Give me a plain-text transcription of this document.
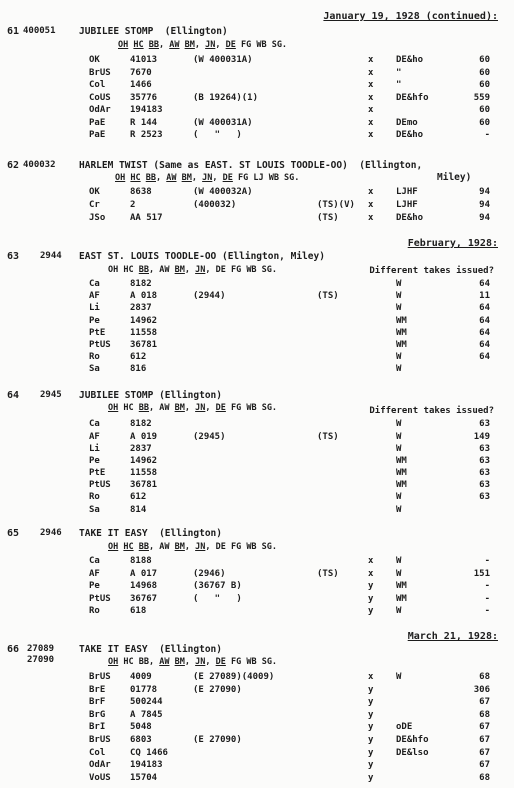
January 19, 1928 (continued):
61 400051 JUBILEE STOMP  (Ellington)
OH HC BB, AW BM, JN, DE FG WB SG.
OK	41013	(W 400031A)	x	DE&ho	60
BrUS 7670	x	"	60
Col	1466	x	"	60
CoUS 35776	(B 19264)(1)	x	DE&hfo	559
OdAr 194183	x	60
PaE	R 144	(W 400031A)	x	DEmo	60
PaE	R 2523	(   "   )	x	DE&ho	-
62 400032 HARLEM TWIST (Same as EAST. ST LOUIS TOODLE-OO)  (Ellington,
Miley)
OH HC BB, AW BM, JN, DE FG LJ WB SG.
OK	8638	(W 400032A)	x	LJHF	94
Cr	2	(400032)	(TS)(V) x	LJHF	94
JSo	AA 517	(TS)	x	DE&ho	94
February, 1928:
63 2944 EAST ST. LOUIS TOODLE-OO (Ellington, Miley)
OH HC BB, AW BM, JN, DE FG WB SG.	Different takes issued?
Ca	8182	W	64
AF	A 018	(2944)	(TS)	W	11
Li	2837	W	64
Pe	14962	WM	64
PtE	11558	WM	64
PtUS 36781	WM	64
Ro	612	W	64
Sa	816	W
64 2945 JUBILEE STOMP (Ellington)
OH HC BB, AW BM, JN, DE FG WB SG.	Different takes issued?
Ca	8182	W	63
AF	A 019	(2945)	(TS)	W	149
Li	2837	W	63
Pe	14962	WM	63
PtE	11558	WM	63
PtUS 36781	WM	63
Ro	612	W	63
Sa	814	W
65 2946 TAKE IT EASY  (Ellington)
OH HC BB, AW BM, JN, DE FG WB SG.
Ca	8188	x	W	-
AF	A 017	(2946)	(TS)	x	W	151
Pe	14968	(36767 B)	y	WM	-
PtUS 36767	(   "   )	y	WM	-
Ro	618	y	W	-
March 21, 1928:
66 27089
27090
TAKE IT EASY  (Ellington)
OH HC BB, AW BM, JN, DE FG WB SG.
BrUS 4009	(E 27089)(4009)	x	W	68
BrE	01778	(E 27090)	y	306
BrF	500244	y	67
BrG	A 7845	y	68
BrI	5048	y	oDE	67
BrUS 6803	(E 27090)	y	DE&hfo	67
Col	CQ 1466	y	DE&lso	67
OdAr 194183	y	67
VoUS 15704	y	68
